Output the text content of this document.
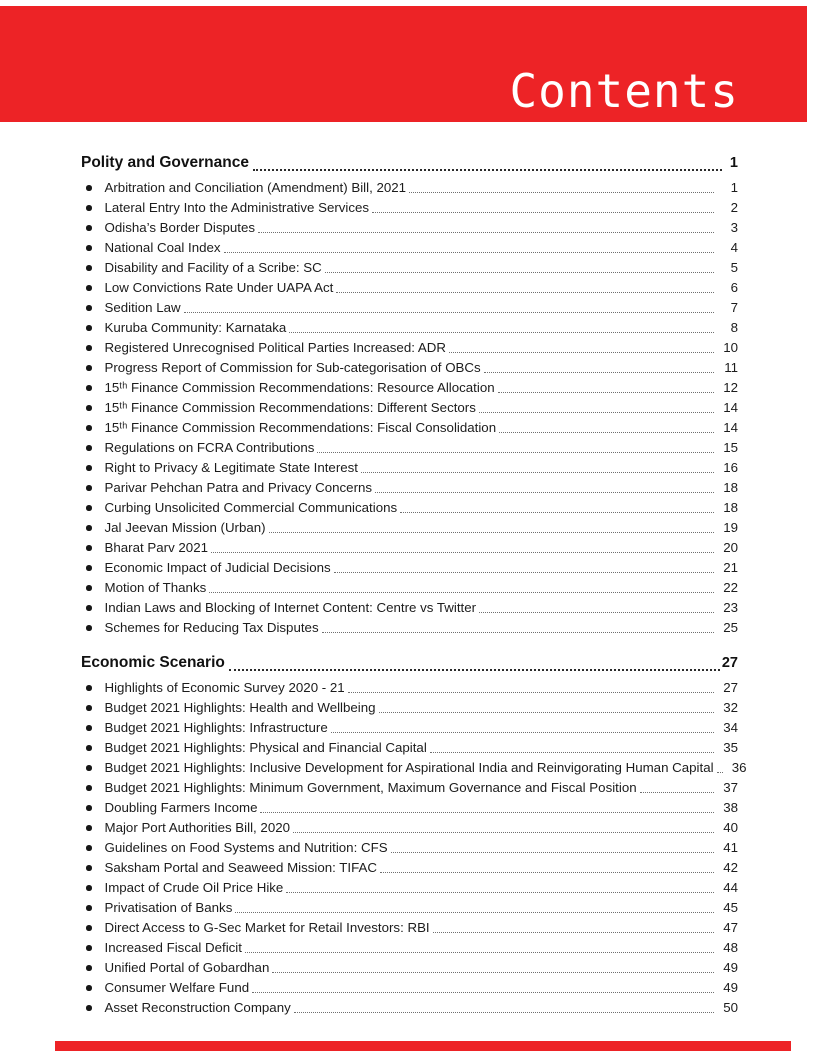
Contents
Polity and Governance	1
Arbitration and Conciliation (Amendment) Bill, 2021	1
Lateral Entry Into the Administrative Services	2
Odisha’s Border Disputes	3
National Coal Index	4
Disability and Facility of a Scribe: SC	5
Low Convictions Rate Under UAPA Act	6
Sedition Law	7
Kuruba Community: Karnataka	8
Registered Unrecognised Political Parties Increased: ADR	10
Progress Report of Commission for Sub-categorisation of OBCs	11
15ᵗʰ Finance Commission Recommendations: Resource Allocation	12
15ᵗʰ Finance Commission Recommendations: Different Sectors	14
15ᵗʰ Finance Commission Recommendations: Fiscal Consolidation	14
Regulations on FCRA Contributions	15
Right to Privacy & Legitimate State Interest	16
Parivar Pehchan Patra and Privacy Concerns	18
Curbing Unsolicited Commercial Communications	18
Jal Jeevan Mission (Urban)	19
Bharat Parv 2021	20
Economic Impact of Judicial Decisions	21
Motion of Thanks	22
Indian Laws and Blocking of Internet Content: Centre vs Twitter	23
Schemes for Reducing Tax Disputes	25
Economic Scenario	27
Highlights of Economic Survey 2020 - 21	27
Budget 2021 Highlights: Health and Wellbeing	32
Budget 2021 Highlights: Infrastructure	34
Budget 2021 Highlights: Physical and Financial Capital	35
Budget 2021 Highlights: Inclusive Development for Aspirational India and Reinvigorating Human Capital	36
Budget 2021 Highlights: Minimum Government, Maximum Governance and Fiscal Position	37
Doubling Farmers Income	38
Major Port Authorities Bill, 2020	40
Guidelines on Food Systems and Nutrition: CFS	41
Saksham Portal and Seaweed Mission: TIFAC	42
Impact of Crude Oil Price Hike	44
Privatisation of Banks	45
Direct Access to G-Sec Market for Retail Investors: RBI	47
Increased Fiscal Deficit	48
Unified Portal of Gobardhan	49
Consumer Welfare Fund	49
Asset Reconstruction Company	50
